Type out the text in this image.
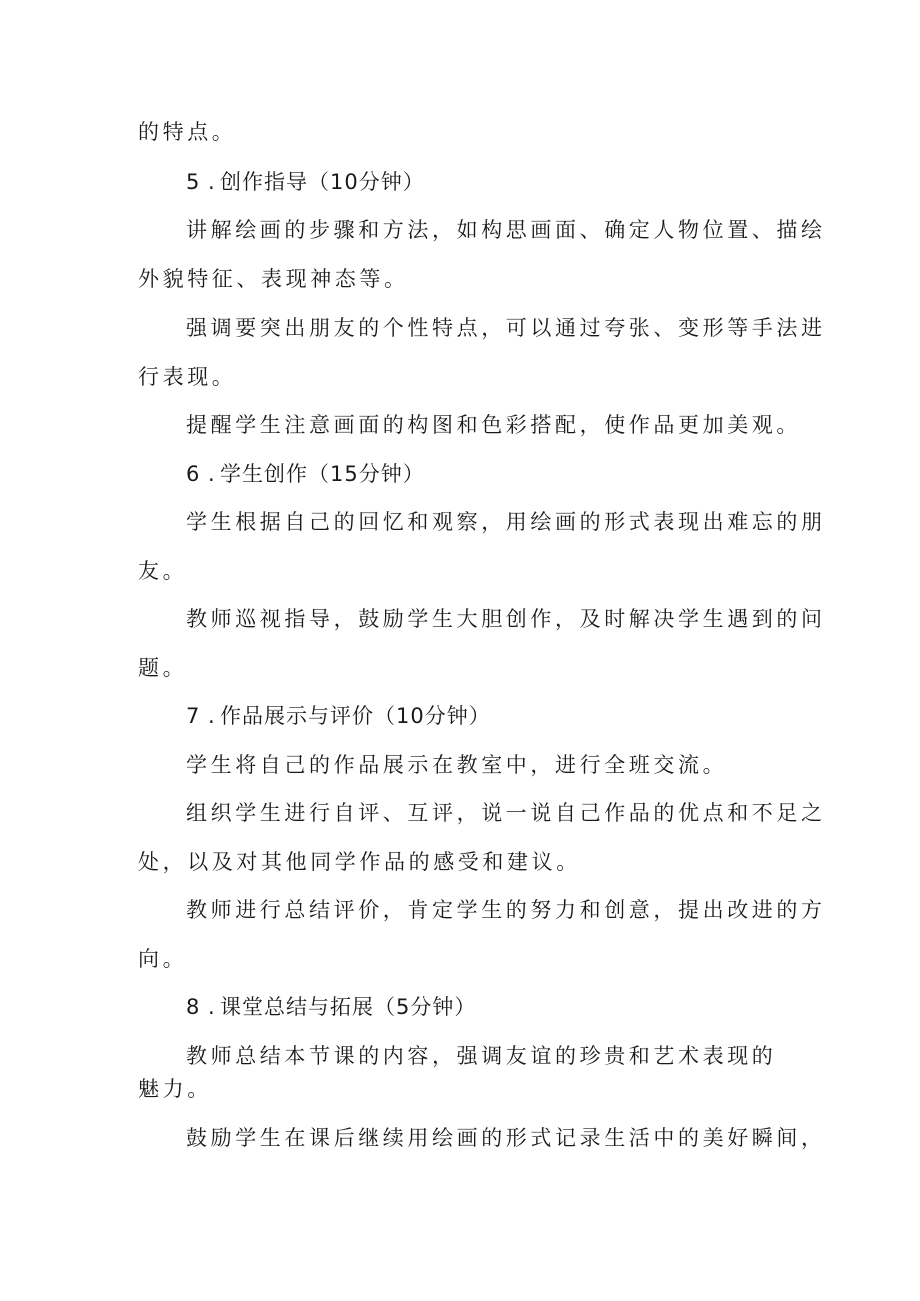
的特点。
5 . 创作指导（10分钟）
讲解绘画的步骤和方法，如构思画面、确定人物位置、描绘
外貌特征、表现神态等。
强调要突出朋友的个性特点，可以通过夸张、变形等手法进
行表现。
提醒学生注意画面的构图和色彩搭配，使作品更加美观。
6 . 学生创作（15分钟）
学生根据自己的回忆和观察，用绘画的形式表现出难忘的朋
友。
教师巡视指导，鼓励学生大胆创作，及时解决学生遇到的问
题。
7 . 作品展示与评价（10分钟）
学生将自己的作品展示在教室中，进行全班交流。
组织学生进行自评、互评，说一说自己作品的优点和不足之
处，以及对其他同学作品的感受和建议。
教师进行总结评价，肯定学生的努力和创意，提出改进的方
向。
8 . 课堂总结与拓展（5分钟）
教师总结本节课的内容，强调友谊的珍贵和艺术表现的
魅力。
鼓励学生在课后继续用绘画的形式记录生活中的美好瞬间，
